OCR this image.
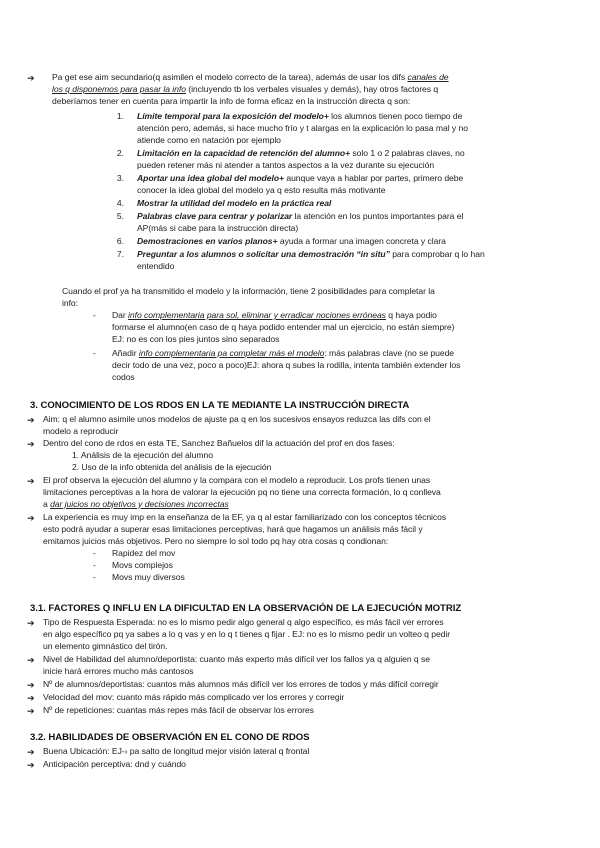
➔ Pa get ese aim secundario(q asimilen el modelo correcto de la tarea), además de usar los difs canales de
los q disponemos para pasar la info (incluyendo tb los verbales visuales y demás), hay otros factores q
deberíamos tener en cuenta para impartir la info de forma eficaz en la instrucción directa q son:
1. Límite temporal para la exposición del modelo+ los alumnos tienen poco tiempo de
atención pero, además, si hace mucho frío y t alargas en la explicación lo pasa mal y no
atiende como en natación por ejemplo
2. Limitación en la capacidad de retención del alumno+ solo 1 o 2 palabras claves, no
pueden retener más ni atender a tantos aspectos a la vez durante su ejecución
3. Aportar una idea global del modelo+ aunque vaya a hablar por partes, primero debe
conocer la idea global del modelo ya q esto resulta más motivante
4. Mostrar la utilidad del modelo en la práctica real
5. Palabras clave para centrar y polarizar la atención en los puntos importantes para el
AP(más si cabe para la instrucción directa)
6. Demostraciones en varios planos+ ayuda a formar una imagen concreta y clara
7. Preguntar a los alumnos o solicitar una demostración “in situ” para comprobar q lo han
entendido
Cuando el prof ya ha transmitido el modelo y la información, tiene 2 posibilidades para completar la
info:
- Dar info complementaria para sol, eliminar y erradicar nociones erróneas q haya podio
formarse el alumno(en caso de q haya podido entender mal un ejercicio, no están siempre)
EJ: no es con los pies juntos sino separados
- Añadir info complementaria pa completar más el modelo: más palabras clave (no se puede
decir todo de una vez, poco a poco)EJ: ahora q subes la rodilla, intenta también extender los
codos
3. CONOCIMIENTO DE LOS RDOS EN LA TE MEDIANTE LA INSTRUCCIÓN DIRECTA
➔ Aim: q el alumno asimile unos modelos de ajuste pa q en los sucesivos ensayos reduzca las difs con el
modelo a reproducir
➔ Dentro del cono de rdos en esta TE, Sanchez Bañuelos dif la actuación del prof en dos fases:
1. Análisis de la ejecución del alumno
2. Uso de la info obtenida del análisis de la ejecución
➔ El prof observa la ejecución del alumno y la compara con el modelo a reproducir. Los profs tienen unas
limitaciones perceptivas a la hora de valorar la ejecución pq no tiene una correcta formación, lo q conlleva
a dar juicios no objetivos y decisiones incorrectas
➔ La experiencia es muy imp en la enseñanza de la EF, ya q al estar familiarizado con los conceptos técnicos
esto podrá ayudar a superar esas limitaciones perceptivas, hará que hagamos un análisis más fácil y
emitamos juicios más objetivos. Pero no siempre lo sol todo pq hay otra cosas q condionan:
- Rapidez del mov
- Movs complejos
- Movs muy diversos
3.1. FACTORES Q INFLU EN LA DIFICULTAD EN LA OBSERVACIÓN DE LA EJECUCIÓN MOTRIZ
➔ Tipo de Respuesta Esperada: no es lo mismo pedir algo general q algo específico, es más fácil ver errores
en algo específico pq ya sabes a lo q vas y en lo q t tienes q fijar . EJ: no es lo mismo pedir un volteo q pedir
un elemento gimnástico del tirón.
➔ Nivel de Habilidad del alumno/deportista: cuanto más experto más difícil ver los fallos ya q alguien q se
inicie hará errores mucho más cantosos
➔ Nº de alumnos/deportistas: cuantos más alumnos más difícil ver los errores de todos y más difícil corregir
➔ Velocidad del mov: cuanto más rápido más complicado ver los errores y corregir
➔ Nº de repeticiones: cuantas más repes más fácil de observar los errores
3.2. HABILIDADES DE OBSERVACIÓN EN EL CONO DE RDOS
➔ Buena Ubicación: EJ-› pa salto de longitud mejor visión lateral q frontal
➔ Anticipación perceptiva: dnd y cuándo
